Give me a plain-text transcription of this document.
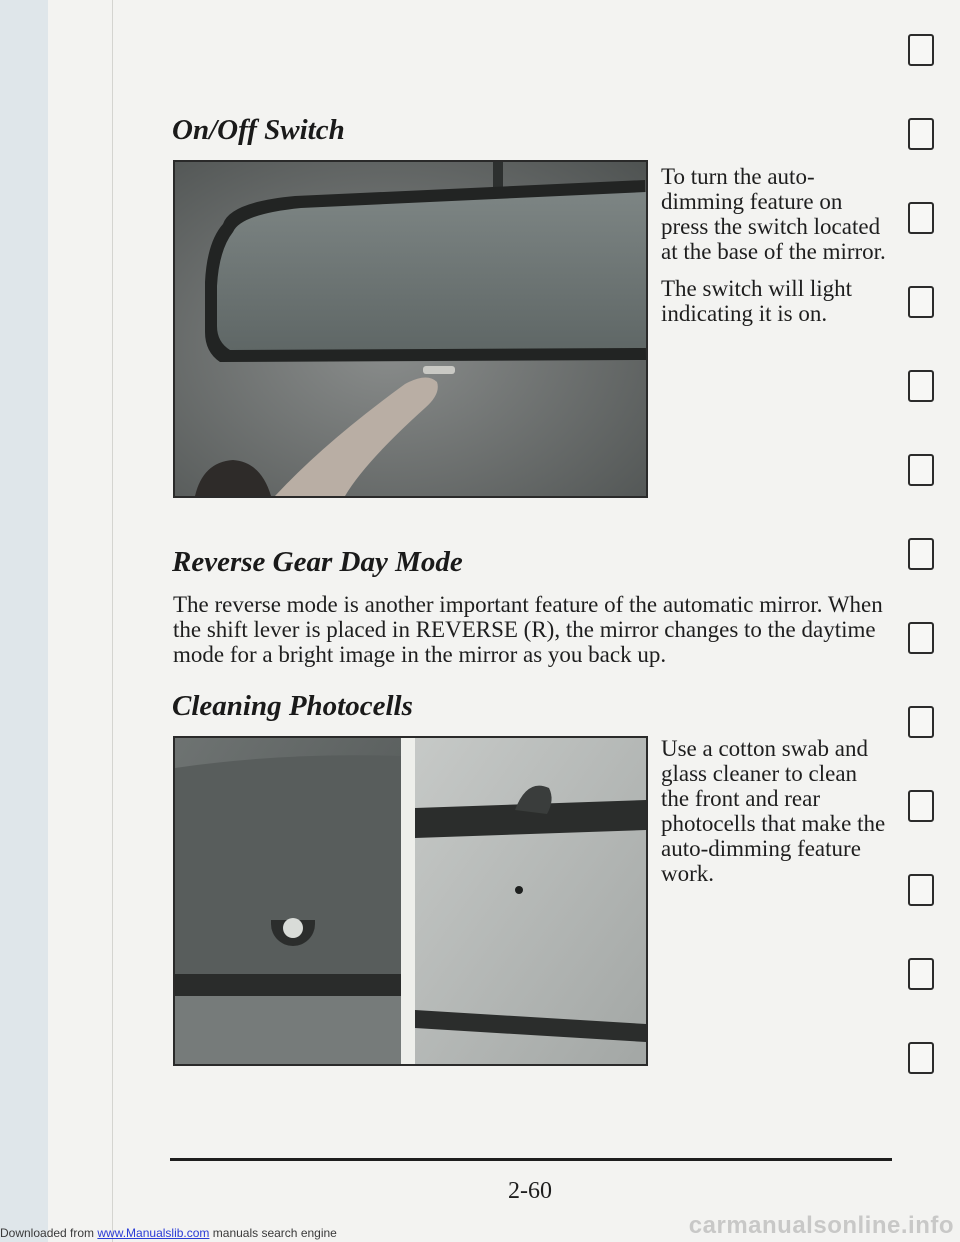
On/Off Switch

To turn the auto-dimming feature on press the switch located at the base of the mirror.

The switch will light indicating it is on.

Reverse Gear Day Mode

The reverse mode is another important feature of the automatic mirror. When the shift lever is placed in REVERSE (R), the mirror changes to the daytime mode for a bright image in the mirror as you back up.

Cleaning Photocells

Use a cotton swab and glass cleaner to clean the front and rear photocells that make the auto-dimming feature work.

2-60
Downloaded from www.Manualslib.com manuals search engine	carmanualsonline.info
